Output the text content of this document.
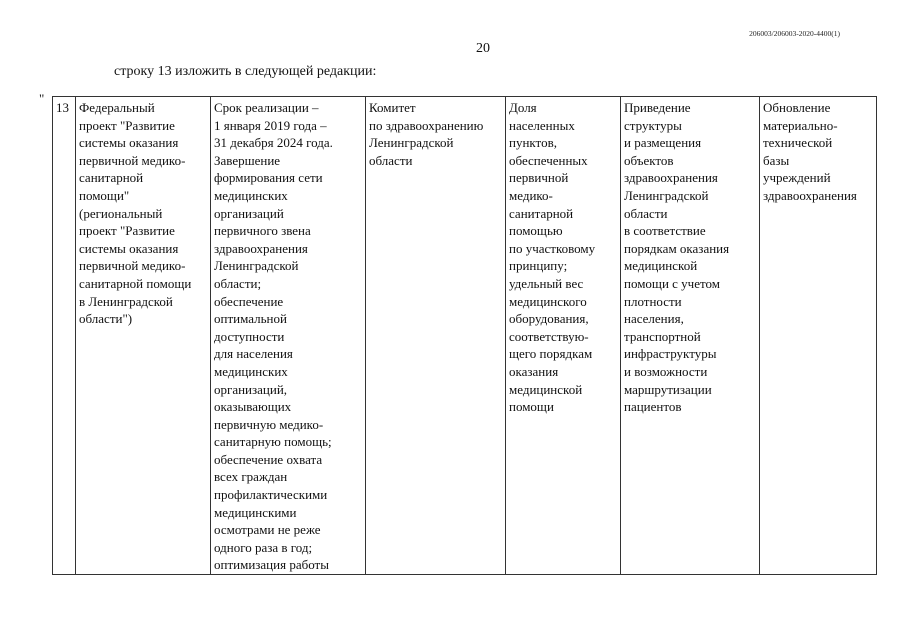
206003/206003-2020-4400(1)
20
строку 13 изложить в следующей редакции:
"
13	Федеральный
проект "Развитие
системы оказания
первичной медико-
санитарной
помощи"
(региональный
проект "Развитие
системы оказания
первичной медико-
санитарной помощи
в Ленинградской
области")	Срок реализации –
1 января 2019 года –
31 декабря 2024 года.
Завершение
формирования сети
медицинских
организаций
первичного звена
здравоохранения
Ленинградской
области;
обеспечение
оптимальной
доступности
для населения
медицинских
организаций,
оказывающих
первичную медико-
санитарную помощь;
обеспечение охвата
всех граждан
профилактическими
медицинскими
осмотрами не реже
одного раза в год;
оптимизация работы	Комитет
по здравоохранению
Ленинградской
области	Доля
населенных
пунктов,
обеспеченных
первичной
медико-
санитарной
помощью
по участковому
принципу;
удельный вес
медицинского
оборудования,
соответствую-
щего порядкам
оказания
медицинской
помощи	Приведение
структуры
и размещения
объектов
здравоохранения
Ленинградской
области
в соответствие
порядкам оказания
медицинской
помощи с учетом
плотности
населения,
транспортной
инфраструктуры
и возможности
маршрутизации
пациентов	Обновление
материально-
технической
базы
учреждений
здравоохранения
